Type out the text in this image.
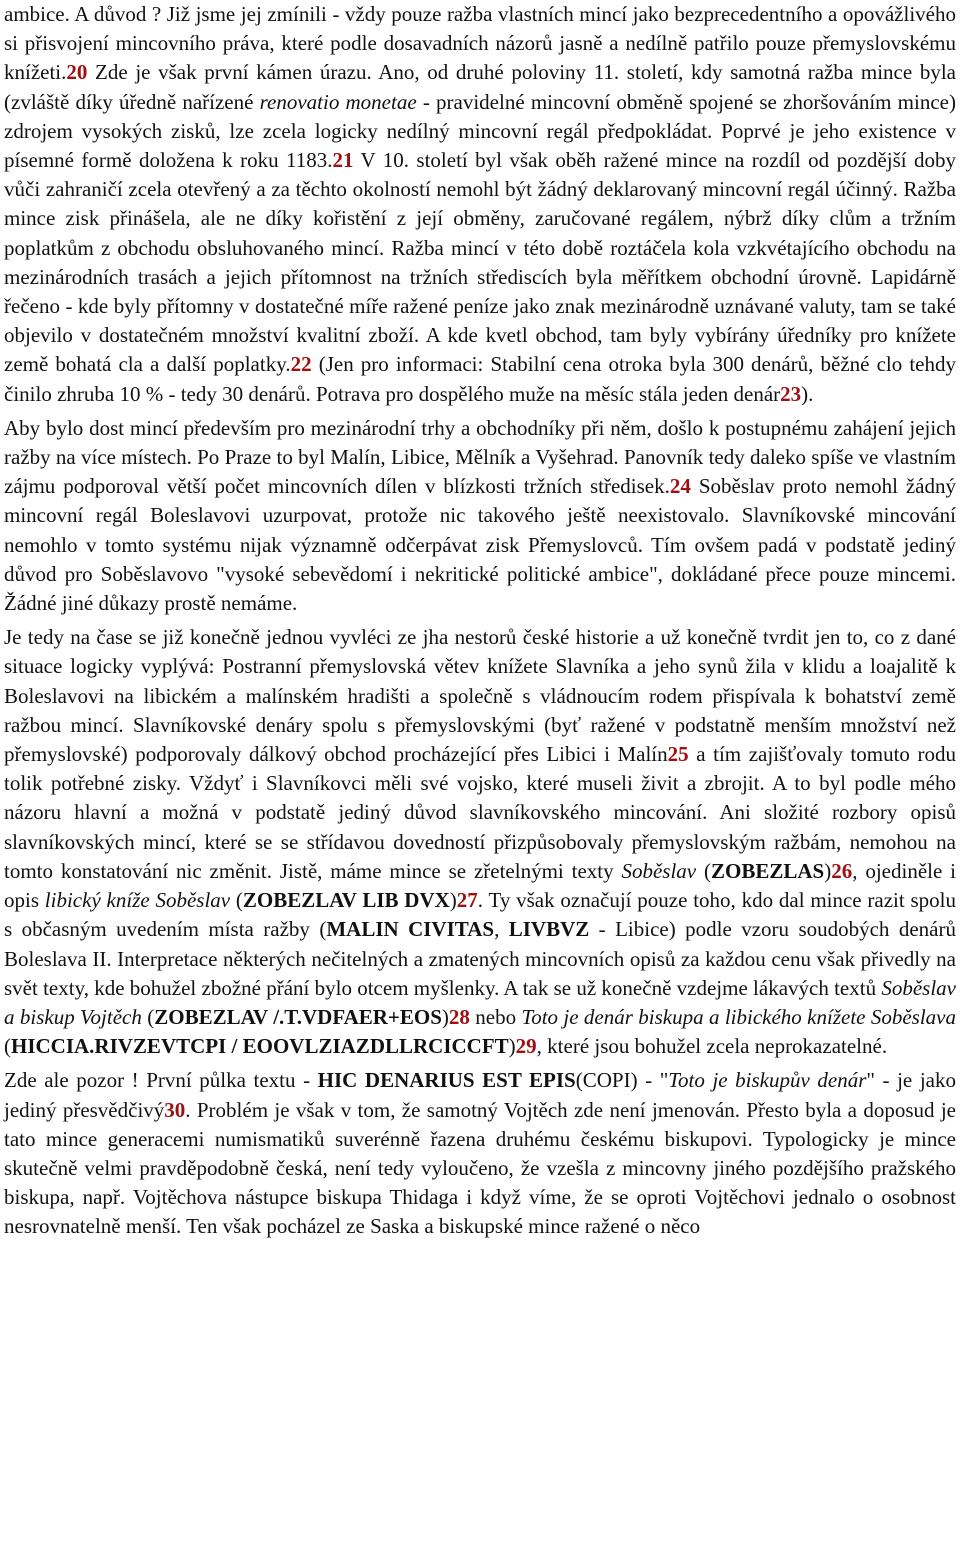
ambice. A důvod ? Již jsme jej zmínili - vždy pouze ražba vlastních mincí jako bezprecedentního a opovážlivého si přisvojení mincovního práva, které podle dosavadních názorů jasně a nedílně patřilo pouze přemyslovskému knížeti.20 Zde je však první kámen úrazu. Ano, od druhé poloviny 11. století, kdy samotná ražba mince byla (zvláště díky úředně nařízené renovatio monetae - pravidelné mincovní obměně spojené se zhoršováním mince) zdrojem vysokých zisků, lze zcela logicky nedílný mincovní regál předpokládat. Poprvé je jeho existence v písemné formě doložena k roku 1183.21 V 10. století byl však oběh ražené mince na rozdíl od pozdější doby vůči zahraničí zcela otevřený a za těchto okolností nemohl být žádný deklarovaný mincovní regál účinný. Ražba mince zisk přinášela, ale ne díky kořistění z její obměny, zaručované regálem, nýbrž díky clům a tržním poplatkům z obchodu obsluhovaného mincí. Ražba mincí v této době roztáčela kola vzkvétajícího obchodu na mezinárodních trasách a jejich přítomnost na tržních střediscích byla měřítkem obchodní úrovně. Lapidárně řečeno - kde byly přítomny v dostatečné míře ražené peníze jako znak mezinárodně uznávané valuty, tam se také objevilo v dostatečném množství kvalitní zboží. A kde kvetl obchod, tam byly vybírány úředníky pro knížete země bohatá cla a další poplatky.22 (Jen pro informaci: Stabilní cena otroka byla 300 denárů, běžné clo tehdy činilo zhruba 10 % - tedy 30 denárů. Potrava pro dospělého muže na měsíc stála jeden denár23).

Aby bylo dost mincí především pro mezinárodní trhy a obchodníky při něm, došlo k postupnému zahájení jejich ražby na více místech. Po Praze to byl Malín, Libice, Mělník a Vyšehrad. Panovník tedy daleko spíše ve vlastním zájmu podporoval větší počet mincovních dílen v blízkosti tržních středisek.24 Soběslav proto nemohl žádný mincovní regál Boleslavovi uzurpovat, protože nic takového ještě neexistovalo. Slavníkovské mincování nemohlo v tomto systému nijak významně odčerpávat zisk Přemyslovců. Tím ovšem padá v podstatě jediný důvod pro Soběslavovo "vysoké sebevědomí i nekritické politické ambice", dokládané přece pouze mincemi. Žádné jiné důkazy prostě nemáme.

Je tedy na čase se již konečně jednou vyvléci ze jha nestorů české historie a už konečně tvrdit jen to, co z dané situace logicky vyplývá: Postranní přemyslovská větev knížete Slavníka a jeho synů žila v klidu a loajalitě k Boleslavovi na libickém a malínském hradišti a společně s vládnoucím rodem přispívala k bohatství země ražbou mincí. Slavníkovské denáry spolu s přemyslovskými (byť ražené v podstatně menším množství než přemyslovské) podporovaly dálkový obchod procházející přes Libici i Malín25 a tím zajišťovaly tomuto rodu tolik potřebné zisky. Vždyť i Slavníkovci měli své vojsko, které museli živit a zbrojit. A to byl podle mého názoru hlavní a možná v podstatě jediný důvod slavníkovského mincování. Ani složité rozbory opisů slavníkovských mincí, které se se střídavou dovedností přizpůsobovaly přemyslovským ražbám, nemohou na tomto konstatování nic změnit. Jistě, máme mince se zřetelnými texty Soběslav (ZOBEZLAS)26, ojediněle i opis libický kníže Soběslav (ZOBEZLAV LIB DVX)27. Ty však označují pouze toho, kdo dal mince razit spolu s občasným uvedením místa ražby (MALIN CIVITAS, LIVBVZ - Libice) podle vzoru soudobých denárů Boleslava II. Interpretace některých nečitelných a zmatených mincovních opisů za každou cenu však přivedly na svět texty, kde bohužel zbožné přání bylo otcem myšlenky. A tak se už konečně vzdejme lákavých textů Soběslav a biskup Vojtěch (ZOBEZLAV /.T.VDFAER+EOS)28 nebo Toto je denár biskupa a libického knížete Soběslava (HICCIA.RIVZEVTCPI / EOOVLZIAZDLLRCICCFT)29, které jsou bohužel zcela neprokazatelné.

Zde ale pozor ! První půlka textu - HIC DENARIUS EST EPIS(COPI) - "Toto je biskupův denár" - je jako jediný přesvědčivý30. Problém je však v tom, že samotný Vojtěch zde není jmenován. Přesto byla a doposud je tato mince generacemi numismatiků suverénně řazena druhému českému biskupovi. Typologicky je mince skutečně velmi pravděpodobně česká, není tedy vyloučeno, že vzešla z mincovny jiného pozdějšího pražského biskupa, např. Vojtěchova nástupce biskupa Thidaga i když víme, že se oproti Vojtěchovi jednalo o osobnost nesrovnatelně menší. Ten však pocházel ze Saska a biskupské mince ražené o něco
